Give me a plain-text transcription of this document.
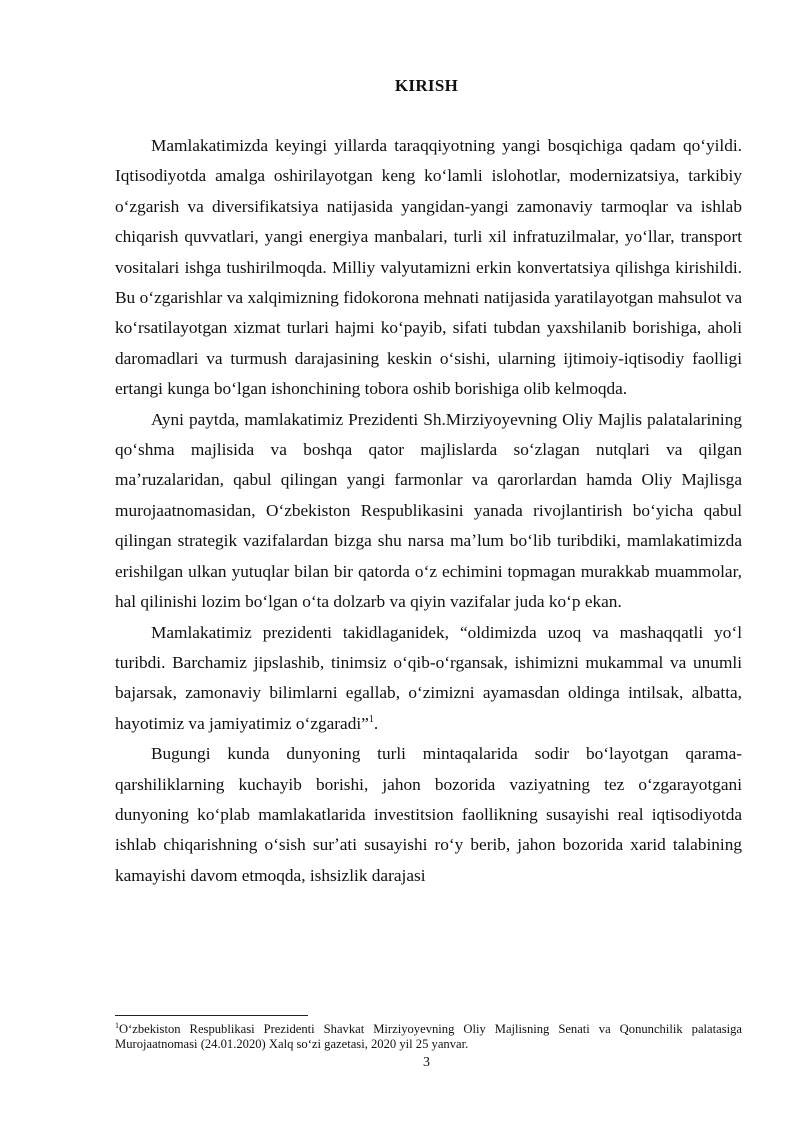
KIRISH

Mamlakatimizda keyingi yillarda taraqqiyotning yangi bosqichiga qadam qoʻyildi. Iqtisodiyotda amalga oshirilayotgan keng koʻlamli islohotlar, modernizatsiya, tarkibiy oʻzgarish va diversifikatsiya natijasida yangidan-yangi zamonaviy tarmoqlar va ishlab chiqarish quvvatlari, yangi energiya manbalari, turli xil infratuzilmalar, yoʻllar, transport vositalari ishga tushirilmoqda. Milliy valyutamizni erkin konvertatsiya qilishga kirishildi. Bu oʻzgarishlar va xalqimizning fidokorona mehnati natijasida yaratilayotgan mahsulot va koʻrsatilayotgan xizmat turlari hajmi koʻpayib, sifati tubdan yaxshilanib borishiga, aholi daromadlari va turmush darajasining keskin oʻsishi, ularning ijtimoiy-iqtisodiy faolligi ertangi kunga boʻlgan ishonchining tobora oshib borishiga olib kelmoqda.

Ayni paytda, mamlakatimiz Prezidenti Sh.Mirziyoyevning Oliy Majlis palatalarining qoʻshma majlisida va boshqa qator majlislarda soʻzlagan nutqlari va qilgan maʼruzalaridan, qabul qilingan yangi farmonlar va qarorlardan hamda Oliy Majlisga murojaatnomasidan, Oʻzbekiston Respublikasini yanada rivojlantirish boʻyicha qabul qilingan strategik vazifalardan bizga shu narsa maʼlum boʻlib turibdiki, mamlakatimizda erishilgan ulkan yutuqlar bilan bir qatorda oʻz echimini topmagan murakkab muammolar, hal qilinishi lozim boʻlgan oʻta dolzarb va qiyin vazifalar juda koʻp ekan.

Mamlakatimiz prezidenti takidlaganidek, “oldimizda uzoq va mashaqqatli yoʻl turibdi. Barchamiz jipslashib, tinimsiz oʻqib-oʻrgansak, ishimizni mukammal va unumli bajarsak, zamonaviy bilimlarni egallab, oʻzimizni ayamasdan oldinga intilsak, albatta, hayotimiz va jamiyatimiz oʻzgaradi”$^1$.

Bugungi kunda dunyoning turli mintaqalarida sodir boʻlayotgan qarama-qarshiliklarning kuchayib borishi, jahon bozorida vaziyatning tez oʻzgarayotgani dunyoning koʻplab mamlakatlarida investitsion faollikning susayishi real iqtisodiyotda ishlab chiqarishning oʻsish surʼati susayishi roʻy berib, jahon bozorida xarid talabining kamayishi davom etmoqda, ishsizlik darajasi

$^1$Oʻzbekiston Respublikasi Prezidenti Shavkat Mirziyoyevning Oliy Majlisning Senati va Qonunchilik palatasiga Murojaatnomasi (24.01.2020) Xalq soʻzi gazetasi, 2020 yil 25 yanvar.

3
